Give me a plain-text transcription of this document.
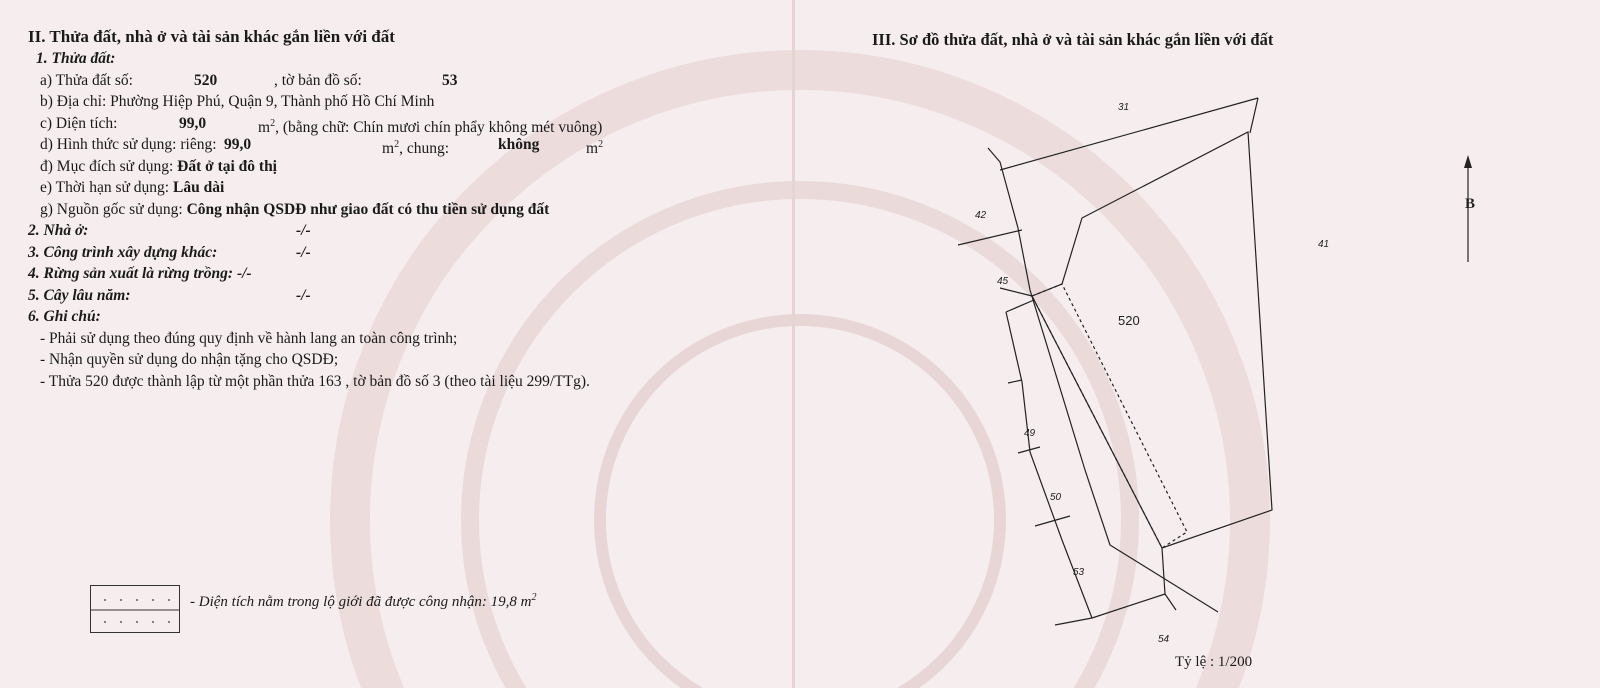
II. Thửa đất, nhà ở và tài sản khác gắn liền với đất
1. Thửa đất:
a) Thửa đất số:	520	, tờ bản đồ số:	53
b) Địa chỉ: Phường Hiệp Phú, Quận 9, Thành phố Hồ Chí Minh
c) Diện tích:	99,0	$m^2$, (bằng chữ: Chín mươi chín phẩy không mét vuông)
d) Hình thức sử dụng: riêng: 99,0	$m^2$, chung:	không	$m^2$
đ) Mục đích sử dụng: Đất ở tại đô thị
e) Thời hạn sử dụng: Lâu dài
g) Nguồn gốc sử dụng: Công nhận QSDĐ như giao đất có thu tiền sử dụng đất
2. Nhà ở:	-/-
3. Công trình xây dựng khác:	-/-
4. Rừng sản xuất là rừng trồng: -/-
5. Cây lâu năm:	-/-
6. Ghi chú:
- Phải sử dụng theo đúng quy định về hành lang an toàn công trình;
- Nhận quyền sử dụng do nhận tặng cho QSDĐ;
- Thửa 520 được thành lập từ một phần thửa 163 , tờ bản đồ số 3 (theo tài liệu 299/TTg).
- Diện tích nằm trong lộ giới đã được công nhận: 19,8 $m^2$
III. Sơ đồ thửa đất, nhà ở và tài sản khác gắn liền với đất
31
42
41
45
49
50
53
54
520
B
Tỷ lệ : 1/200
